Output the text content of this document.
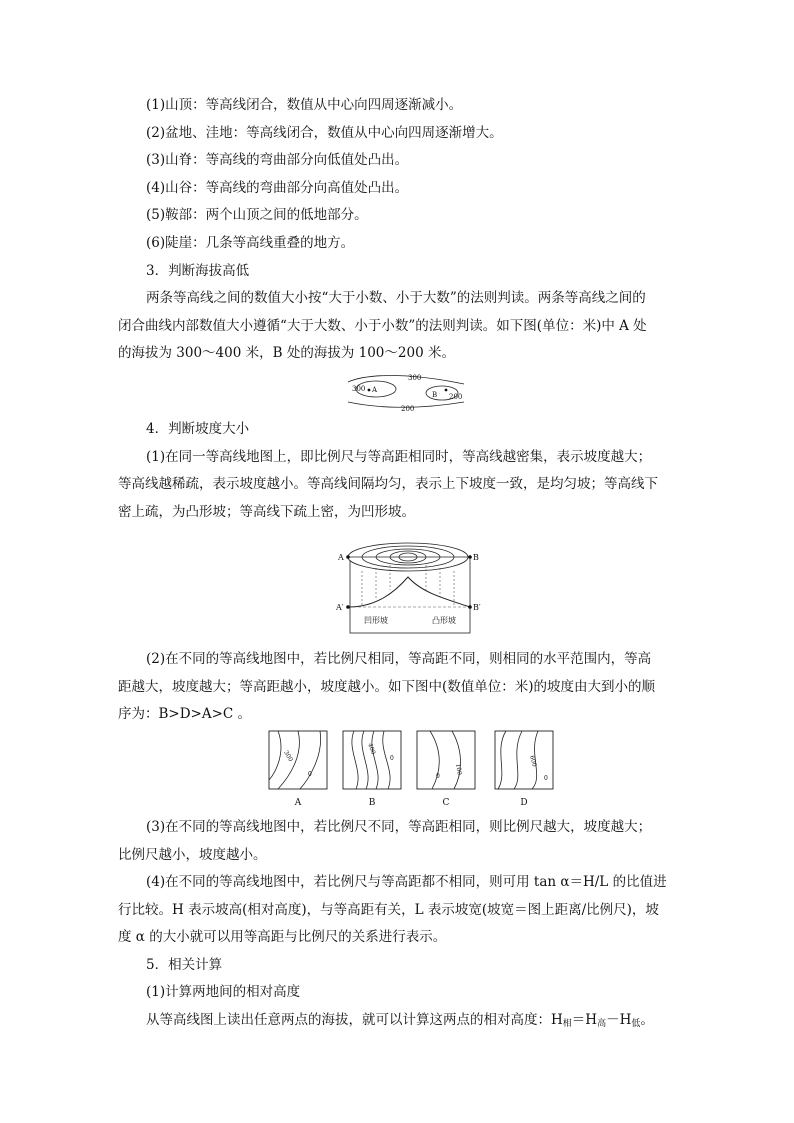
(1)山顶：等高线闭合，数值从中心向四周逐渐减小。
(2)盆地、洼地：等高线闭合，数值从中心向四周逐渐增大。
(3)山脊：等高线的弯曲部分向低值处凸出。
(4)山谷：等高线的弯曲部分向高值处凸出。
(5)鞍部：两个山顶之间的低地部分。
(6)陡崖：几条等高线重叠的地方。
3．判断海拔高低
两条等高线之间的数值大小按“大于小数、小于大数”的法则判读。两条等高线之间的
闭合曲线内部数值大小遵循“大于大数、小于小数”的法则判读。如下图(单位：米)中 A 处
的海拔为 300～400 米，B 处的海拔为 100～200 米。
300
300 A
B 200
200
4．判断坡度大小
(1)在同一等高线地图上，即比例尺与等高距相同时，等高线越密集，表示坡度越大；
等高线越稀疏，表示坡度越小。等高线间隔均匀，表示上下坡度一致，是均匀坡；等高线下
密上疏，为凸形坡；等高线下疏上密，为凹形坡。
A	B
A′	B′
凹形坡	凸形坡
(2)在不同的等高线地图中，若比例尺相同，等高距不同，则相同的水平范围内，等高
距越大，坡度越大；等高距越小，坡度越小。如下图中(数值单位：米)的坡度由大到小的顺
序为：B>D>A>C 。
300
0
400
0
100
0
600
0
A	B	C	D
(3)在不同的等高线地图中，若比例尺不同，等高距相同，则比例尺越大，坡度越大；
比例尺越小，坡度越小。
(4)在不同的等高线地图中，若比例尺与等高距都不相同，则可用 tan α＝H/L 的比值进
行比较。H 表示坡高(相对高度)，与等高距有关，L 表示坡宽(坡宽＝图上距离/比例尺)，坡
度 α 的大小就可以用等高距与比例尺的关系进行表示。
5．相关计算
(1)计算两地间的相对高度
从等高线图上读出任意两点的海拔，就可以计算这两点的相对高度：$H_相=H_高-H_低$。
